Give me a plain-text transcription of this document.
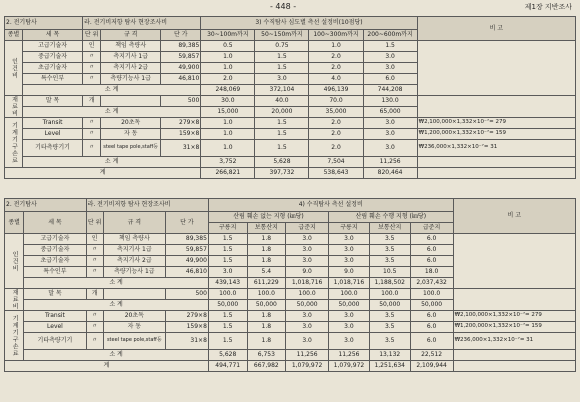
- 448 -	제1장 지반조사
2. 전기탐사		라. 전기비저항 탐사 현장조사비			3) 수직탐사 심도별 측선 설정비(10점당)				비 고
종별	세 목	단 위	규 격	단 가	30~100m까지	50~150m까지	100~300m까지	200~600m까지	
인건비	고급기술자	인	책임 측량사	89,385	0.5	0.75	1.0	1.5	
	중급기술자	〃	측지기사 1급	59,857	1.0	1.5	2.0	3.0	
	초급기술자	〃	측지기사 2급	49,900	1.0	1.5	2.0	3.0	
	특수인부	〃	측량기능사 1급	46,810	2.0	3.0	4.0	6.0	
	소 계				248,069	372,104	496,139	744,208	
재료비	말 목	개		500	30.0	40.0	70.0	130.0	
	소 계				15,000	20,000	35,000	65,000	
기계기구손료	Transit	〃	20초독	279×8	1.0	1.5	2.0	3.0	₩2,100,000×1,332×10⁻⁷= 279
	Level	〃	자 동	159×8	1.0	1.5	2.0	3.0	₩1,200,000×1,332×10⁻⁷= 159
	기타측량기기	〃	steel tape pole,staff등	31×8	1.0	1.5	2.0	3.0	₩236,000×1,332×10⁻⁷= 31
	소 계				3,752	5,628	7,504	11,256	
계					266,821	397,732	538,643	820,464	
2. 전기탐사		라. 전기비저항 탐사 현장조사비			4) 수직탐사 측선 설정비						비 고
종별	세 목	단 위	규 격	단 가	산림 훼손 없는 지형 (㎞당)			산림 훼손 수행 지형 (㎞당)			
					구릉지	보통산지	급준지	구릉지	보통산지	급준지	
인건비	고급기술자	인	책임 측량사	89,385	1.5	1.8	3.0	3.0	3.5	6.0	
	중급기술자	〃	측지기사 1급	59,857	1.5	1.8	3.0	3.0	3.5	6.0	
	초급기술자	〃	측지기사 2급	49,900	1.5	1.8	3.0	3.0	3.5	6.0	
	특수인부	〃	측량기능사 1급	46,810	3.0	5.4	9.0	9.0	10.5	18.0	
	소 계				439,143	611,229	1,018,716	1,018,716	1,188,502	2,037,432	
재료비	말 목	개		500	100.0	100.0	100.0	100.0	100.0	100.0	
	소 계				50,000	50,000	50,000	50,000	50,000	50,000	
기계기구손료	Transit	〃	20초독	279×8	1.5	1.8	3.0	3.0	3.5	6.0	₩2,100,000×1,332×10⁻⁷= 279
	Level	〃	자 동	159×8	1.5	1.8	3.0	3.0	3.5	6.0	₩1,200,000×1,332×10⁻⁷= 159
	기타측량기기	〃	steel tape pole,staff등	31×8	1.5	1.8	3.0	3.0	3.5	6.0	₩236,000×1,332×10⁻⁷= 31
	소 계				5,628	6,753	11,256	11,256	13,132	22,512	
계					494,771	667,982	1,079,972	1,079,972	1,251,634	2,109,944	
